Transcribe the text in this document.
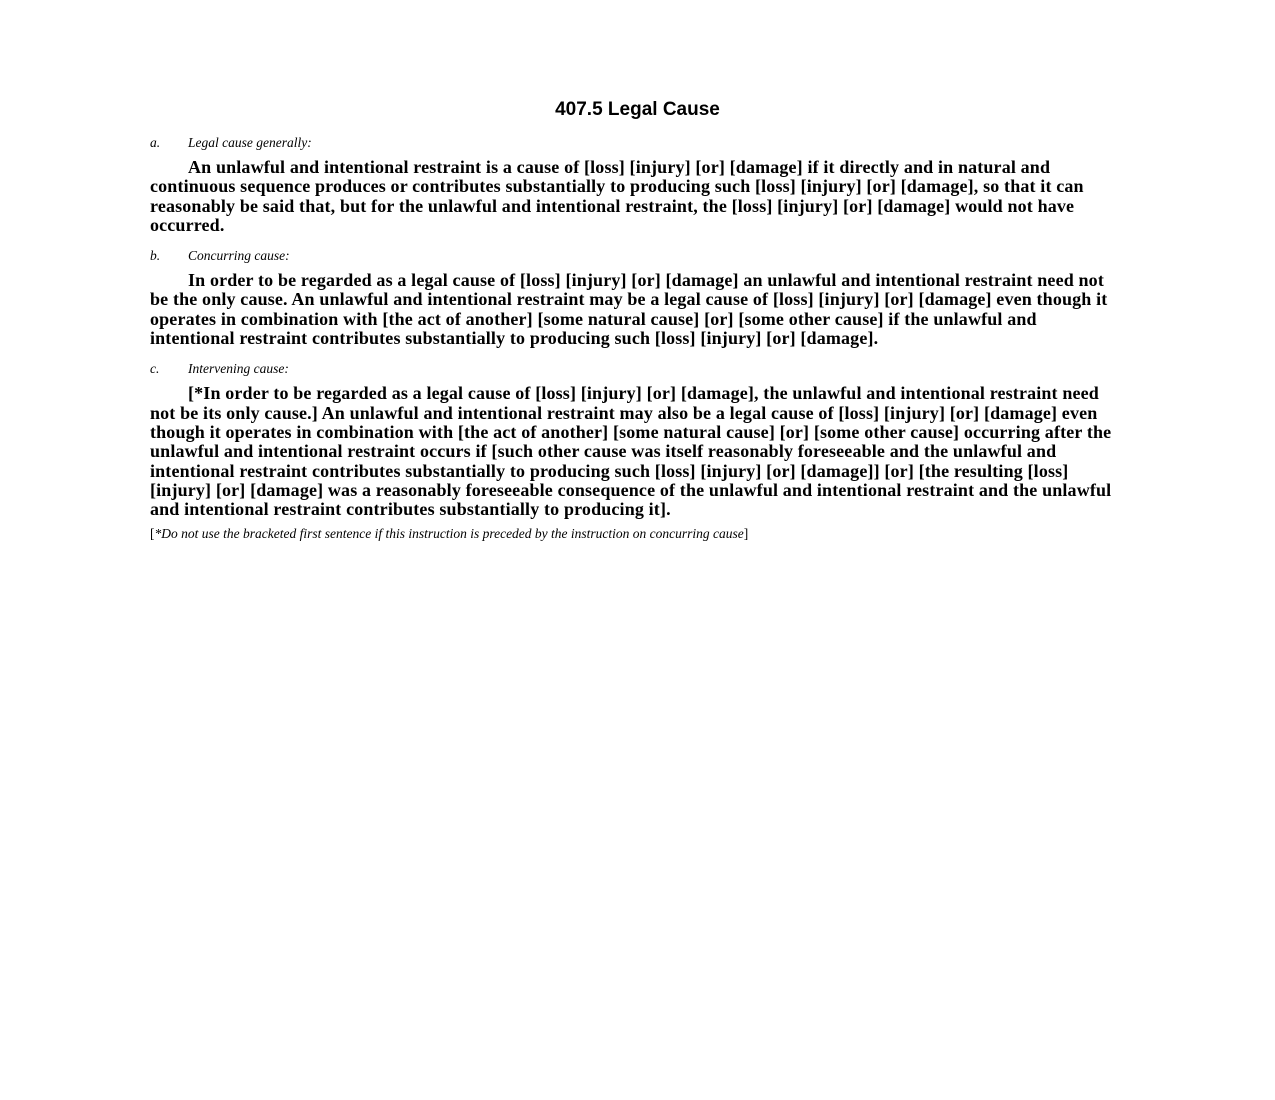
407.5 Legal Cause
a.	Legal cause generally:

An unlawful and intentional restraint is a cause of [loss] [injury] [or] [damage] if it directly and in natural and continuous sequence produces or contributes substantially to producing such [loss] [injury] [or] [damage], so that it can reasonably be said that, but for the unlawful and intentional restraint, the [loss] [injury] [or] [damage] would not have occurred.

b.	Concurring cause:

In order to be regarded as a legal cause of [loss] [injury] [or] [damage] an unlawful and intentional restraint need not be the only cause. An unlawful and intentional restraint may be a legal cause of [loss] [injury] [or] [damage] even though it operates in combination with [the act of another] [some natural cause] [or] [some other cause] if the unlawful and intentional restraint contributes substantially to producing such [loss] [injury] [or] [damage].

c.	Intervening cause:

[*In order to be regarded as a legal cause of [loss] [injury] [or] [damage], the unlawful and intentional restraint need not be its only cause.] An unlawful and intentional restraint may also be a legal cause of [loss] [injury] [or] [damage] even though it operates in combination with [the act of another] [some natural cause] [or] [some other cause] occurring after the unlawful and intentional restraint occurs if [such other cause was itself reasonably foreseeable and the unlawful and intentional restraint contributes substantially to producing such [loss] [injury] [or] [damage]] [or] [the resulting [loss] [injury] [or] [damage] was a reasonably foreseeable consequence of the unlawful and intentional restraint and the unlawful and intentional restraint contributes substantially to producing it].

[*Do not use the bracketed first sentence if this instruction is preceded by the instruction on concurring cause]
